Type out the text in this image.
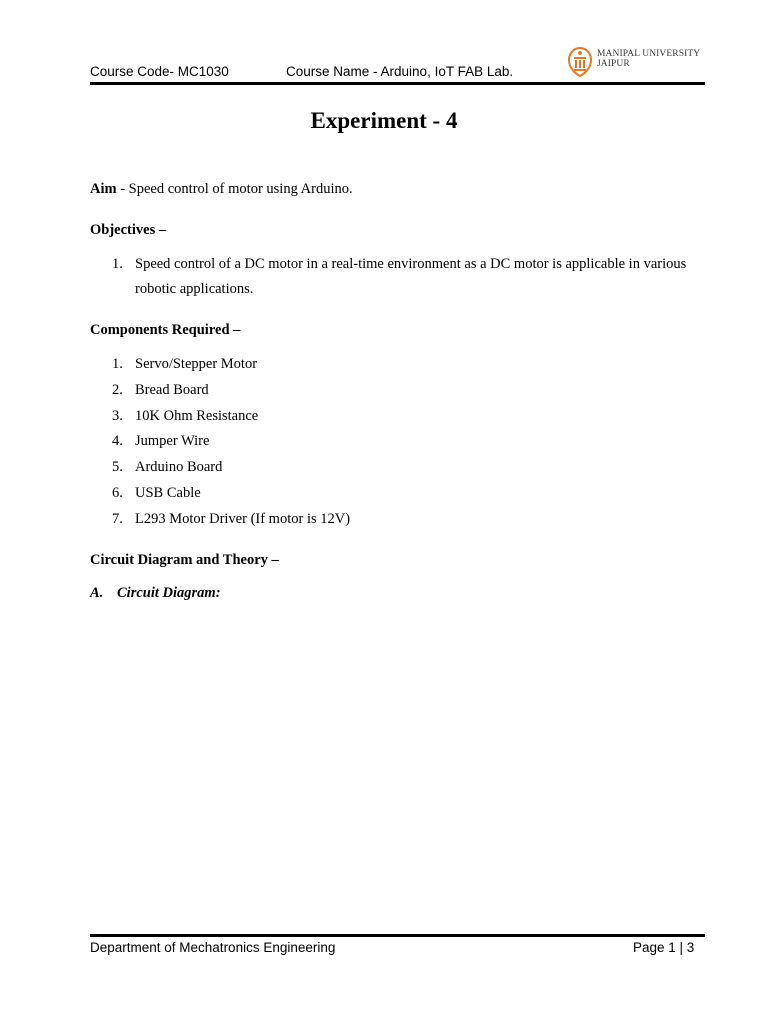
Course Code- MC1030	Course Name - Arduino, IoT FAB Lab.
MANIPAL UNIVERSITY
JAIPUR
Experiment - 4
Aim - Speed control of motor using Arduino.
Objectives –
1. Speed control of a DC motor in a real-time environment as a DC motor is applicable in various
robotic applications.
Components Required –
1. Servo/Stepper Motor
2. Bread Board
3. 10K Ohm Resistance
4. Jumper Wire
5. Arduino Board
6. USB Cable
7. L293 Motor Driver (If motor is 12V)
Circuit Diagram and Theory –
A. Circuit Diagram:
Department of Mechatronics Engineering	Page 1 | 3
